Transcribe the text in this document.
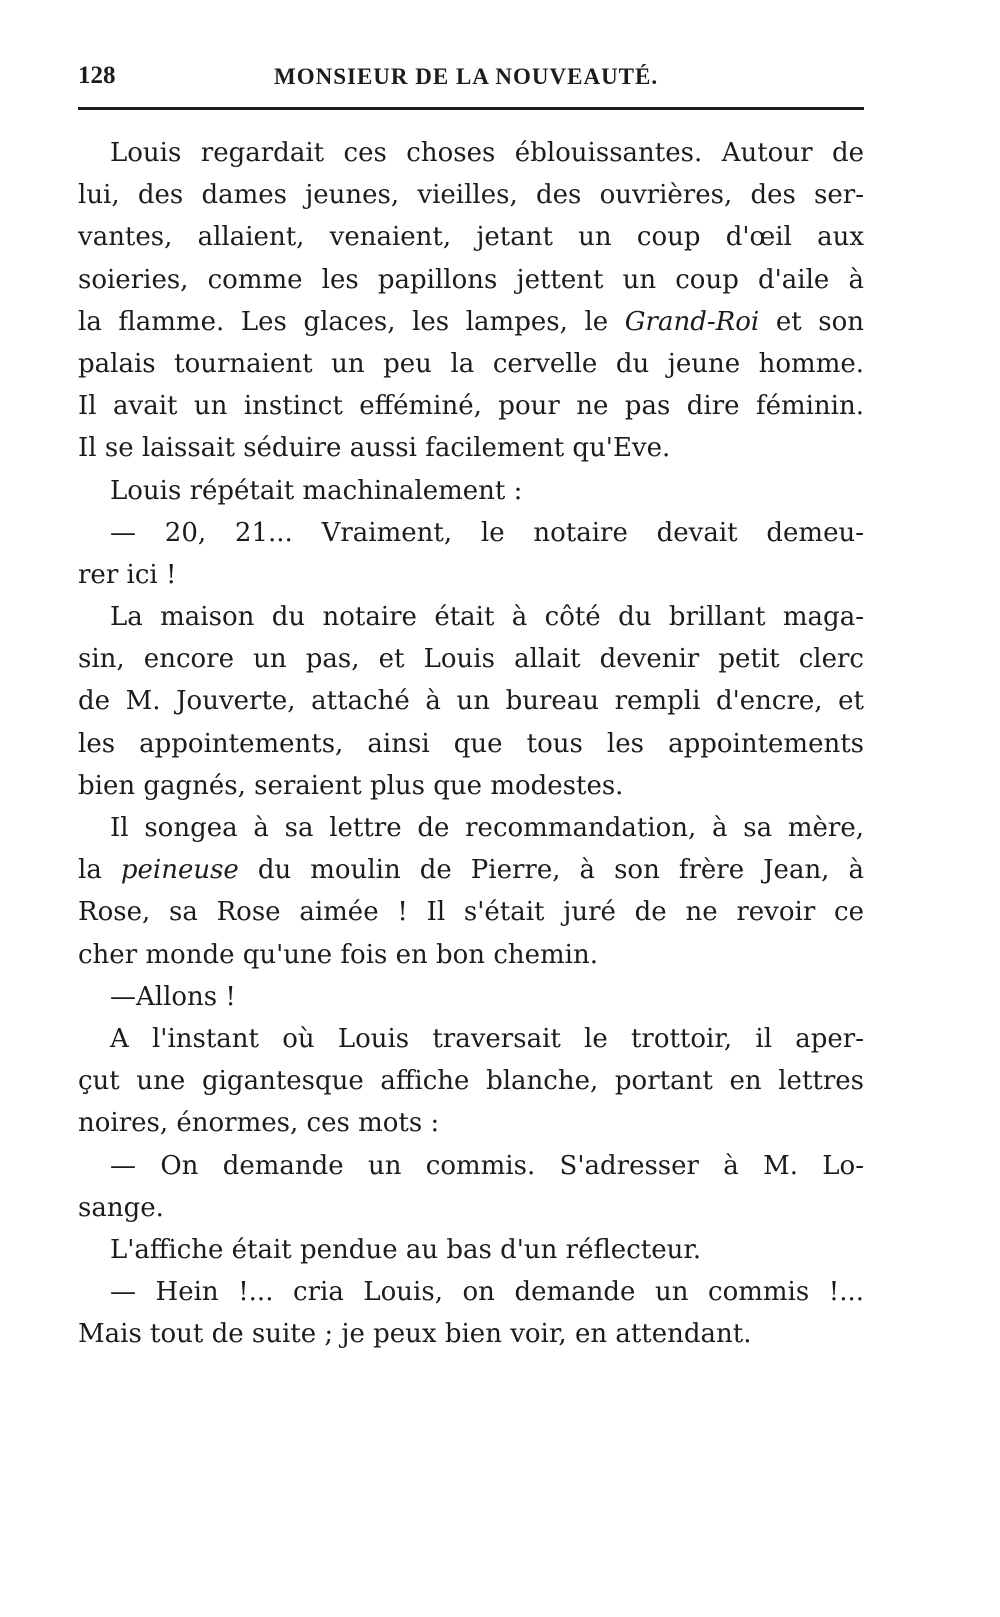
128	MONSIEUR DE LA NOUVEAUTÉ.
Louis regardait ces choses éblouissantes. Autour de
lui, des dames jeunes, vieilles, des ouvrières, des ser-
vantes, allaient, venaient, jetant un coup d'œil aux
soieries, comme les papillons jettent un coup d'aile à
la flamme. Les glaces, les lampes, le Grand-Roi et son
palais tournaient un peu la cervelle du jeune homme.
Il avait un instinct efféminé, pour ne pas dire féminin.
Il se laissait séduire aussi facilement qu'Eve.
Louis répétait machinalement :
— 20, 21... Vraiment, le notaire devait demeu-
rer ici !
La maison du notaire était à côté du brillant maga-
sin, encore un pas, et Louis allait devenir petit clerc
de M. Jouverte, attaché à un bureau rempli d'encre, et
les appointements, ainsi que tous les appointements
bien gagnés, seraient plus que modestes.
Il songea à sa lettre de recommandation, à sa mère,
la peineuse du moulin de Pierre, à son frère Jean, à
Rose, sa Rose aimée ! Il s'était juré de ne revoir ce
cher monde qu'une fois en bon chemin.
—Allons !
A l'instant où Louis traversait le trottoir, il aper-
çut une gigantesque affiche blanche, portant en lettres
noires, énormes, ces mots :
— On demande un commis. S'adresser à M. Lo-
sange.
L'affiche était pendue au bas d'un réflecteur.
— Hein !... cria Louis, on demande un commis !...
Mais tout de suite ; je peux bien voir, en attendant.
